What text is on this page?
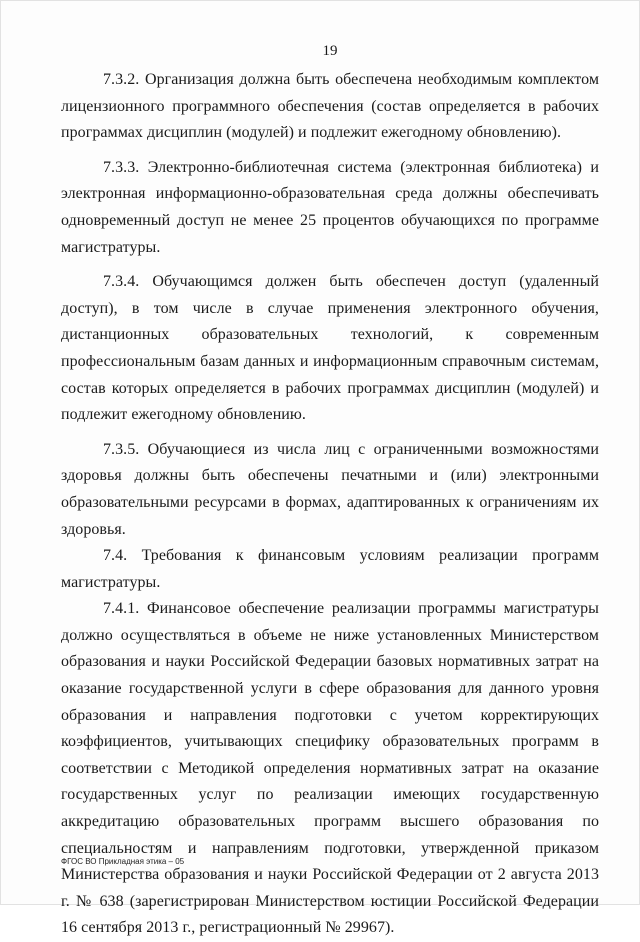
19

7.3.2. Организация должна быть обеспечена необходимым комплектом лицензионного программного обеспечения (состав определяется в рабочих программах дисциплин (модулей) и подлежит ежегодному обновлению).

7.3.3. Электронно-библиотечная система (электронная библиотека) и электронная информационно-образовательная среда должны обеспечивать одновременный доступ не менее 25 процентов обучающихся по программе магистратуры.

7.3.4. Обучающимся должен быть обеспечен доступ (удаленный доступ), в том числе в случае применения электронного обучения, дистанционных образовательных технологий, к современным профессиональным базам данных и информационным справочным системам, состав которых определяется в рабочих программах дисциплин (модулей) и подлежит ежегодному обновлению.

7.3.5. Обучающиеся из числа лиц с ограниченными возможностями здоровья должны быть обеспечены печатными и (или) электронными образовательными ресурсами в формах, адаптированных к ограничениям их здоровья.

7.4. Требования к финансовым условиям реализации программ магистратуры.

7.4.1. Финансовое обеспечение реализации программы магистратуры должно осуществляться в объеме не ниже установленных Министерством образования и науки Российской Федерации базовых нормативных затрат на оказание государственной услуги в сфере образования для данного уровня образования и направления подготовки с учетом корректирующих коэффициентов, учитывающих специфику образовательных программ в соответствии с Методикой определения нормативных затрат на оказание государственных услуг по реализации имеющих государственную аккредитацию образовательных программ высшего образования по специальностям и направлениям подготовки, утвержденной приказом Министерства образования и науки Российской Федерации от 2 августа 2013 г. № 638 (зарегистрирован Министерством юстиции Российской Федерации 16 сентября 2013 г., регистрационный № 29967).

ФГОС ВО Прикладная этика – 05
